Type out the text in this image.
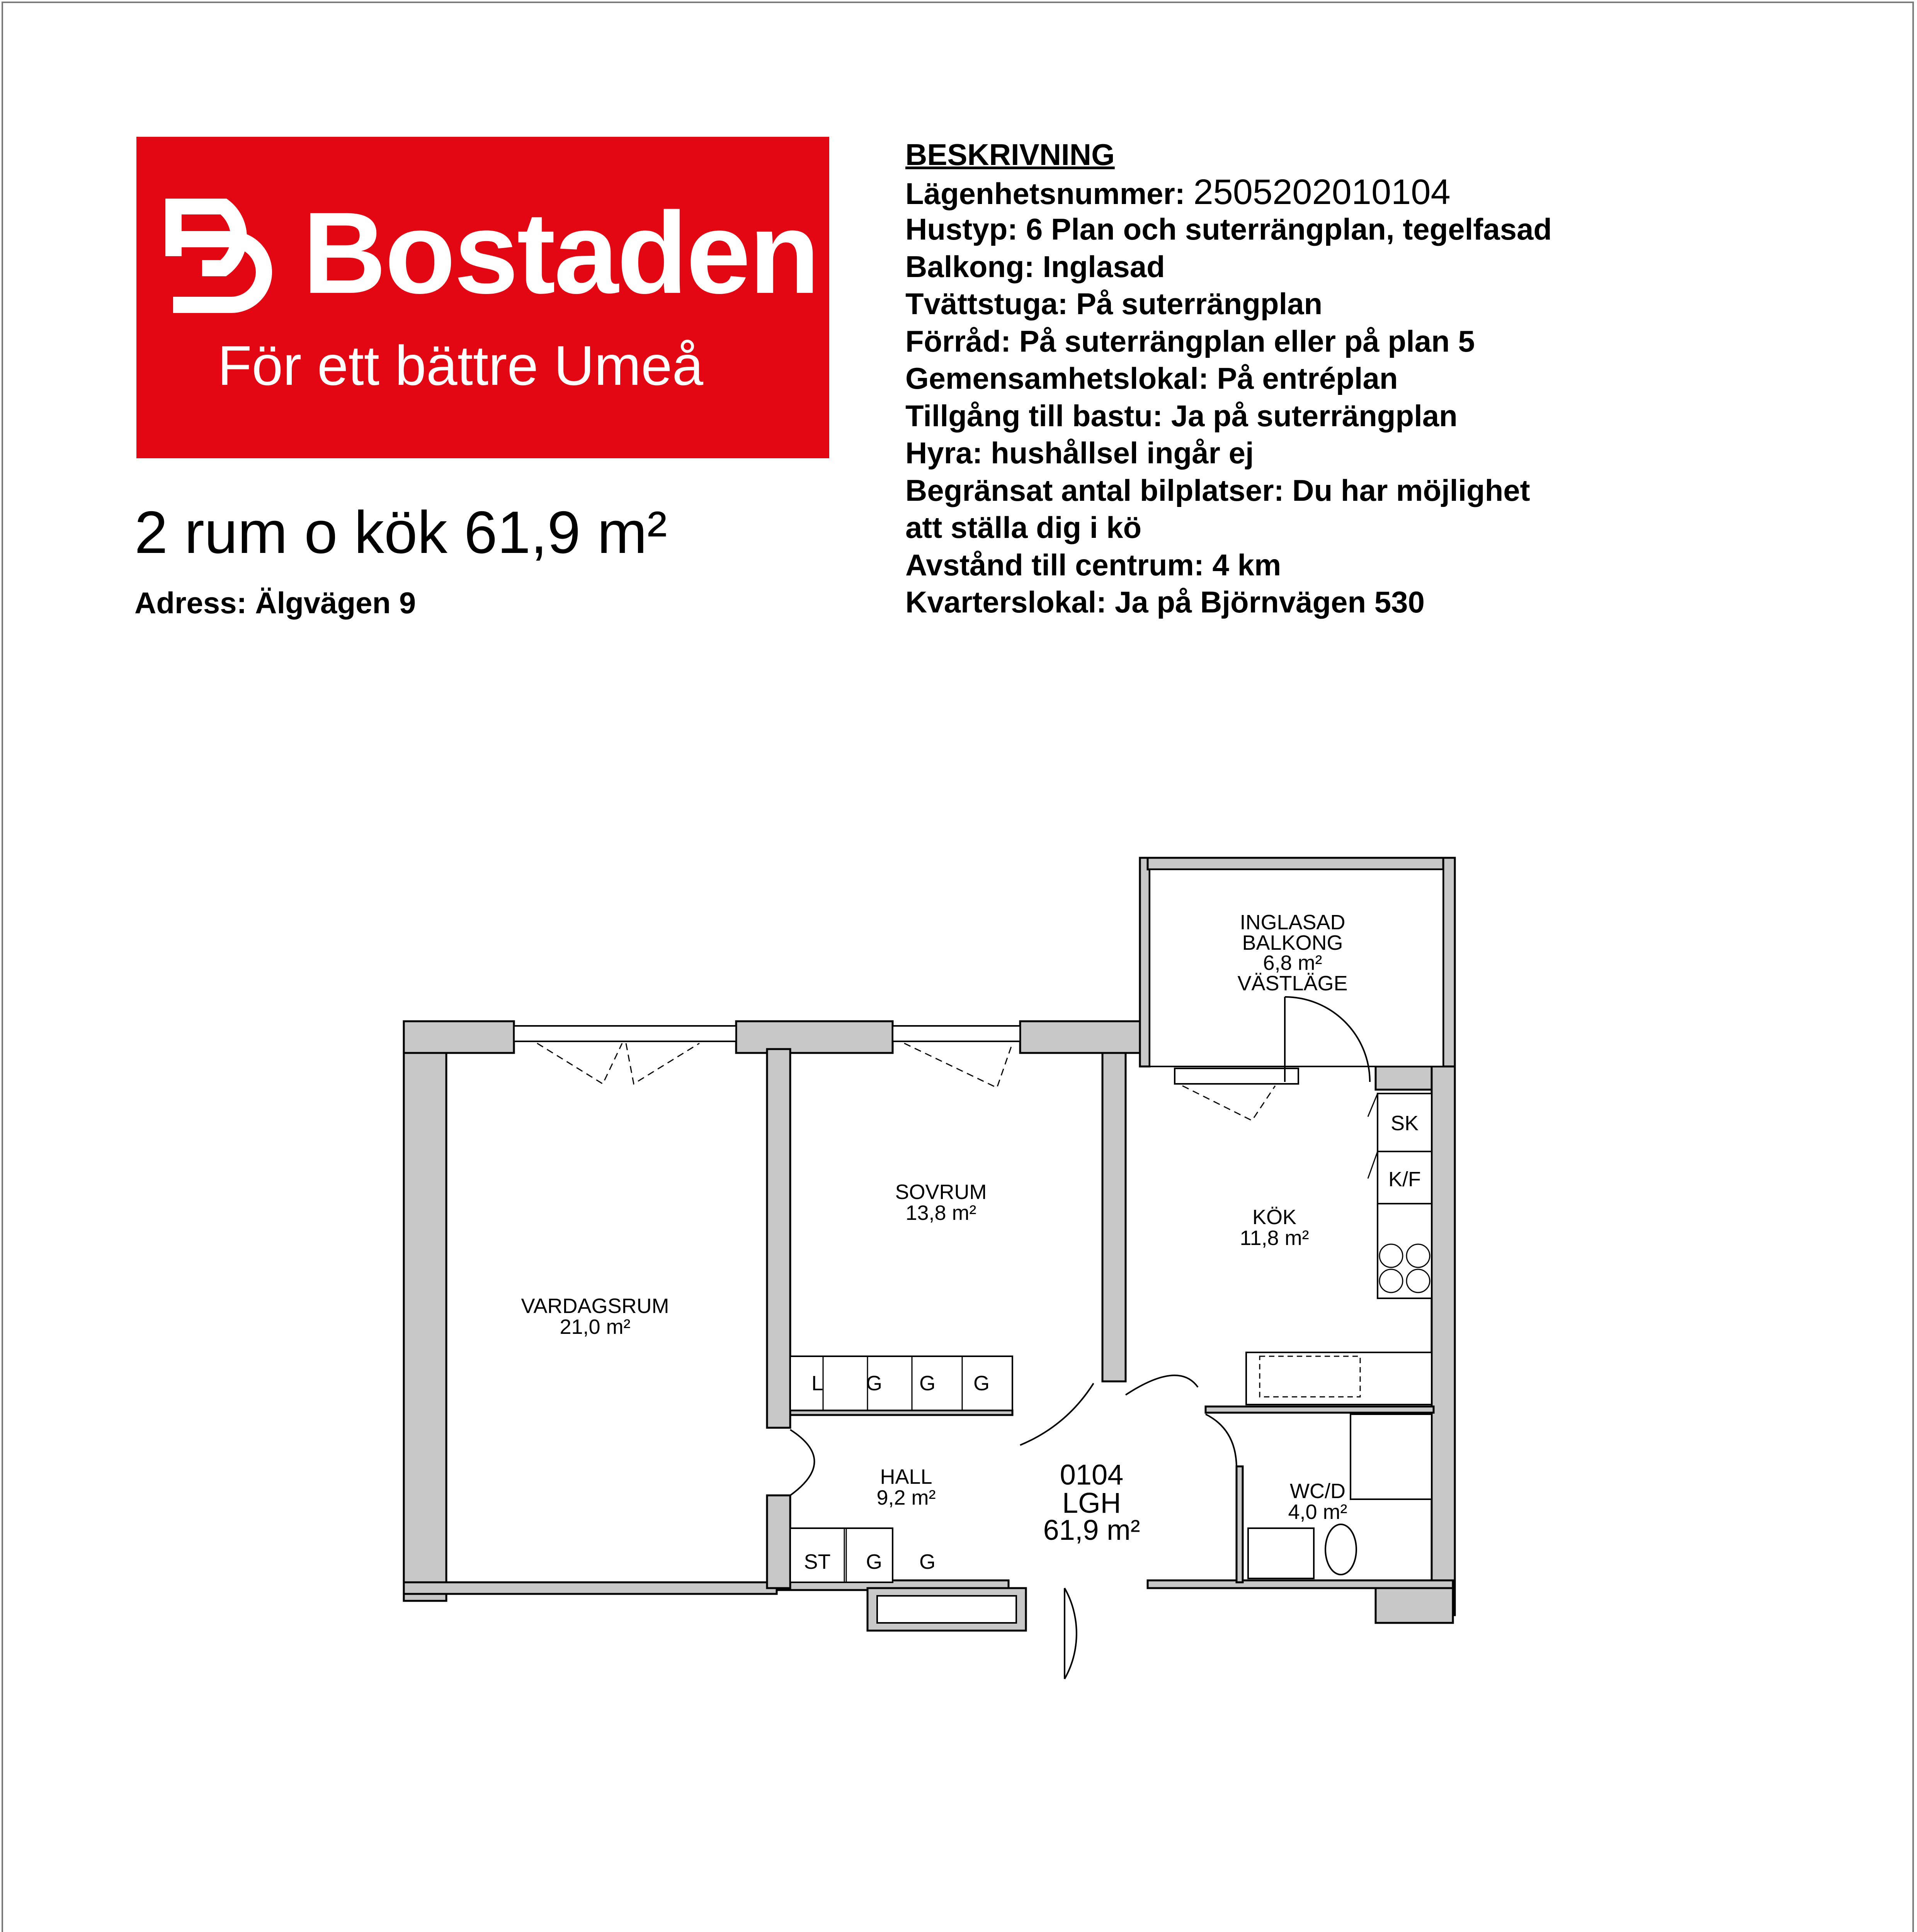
Bostaden
För ett bättre Umeå
2 rum o kök 61,9 m²
Adress: Älgvägen 9
BESKRIVNING
Lägenhetsnummer: 2505202010104
Hustyp: 6 Plan och suterrängplan, tegelfasad
Balkong: Inglasad
Tvättstuga: På suterrängplan
Förråd: På suterrängplan eller på plan 5
Gemensamhetslokal: På entréplan
Tillgång till bastu: Ja på suterrängplan
Hyra: hushållsel ingår ej
Begränsat antal bilplatser: Du har möjlighet
att ställa dig i kö
Avstånd till centrum: 4 km
Kvarterslokal: Ja på Björnvägen 530
INGLASAD
BALKONG
6,8 m²
VÄSTLÄGE
VARDAGSRUM
21,0 m²
SOVRUM
13,8 m²	KÖK
11,8 m²
HALL
9,2 m²	WC/D
4,0 m²
SK
K/F
L G G G
ST G G
0104
LGH
61,9 m²
